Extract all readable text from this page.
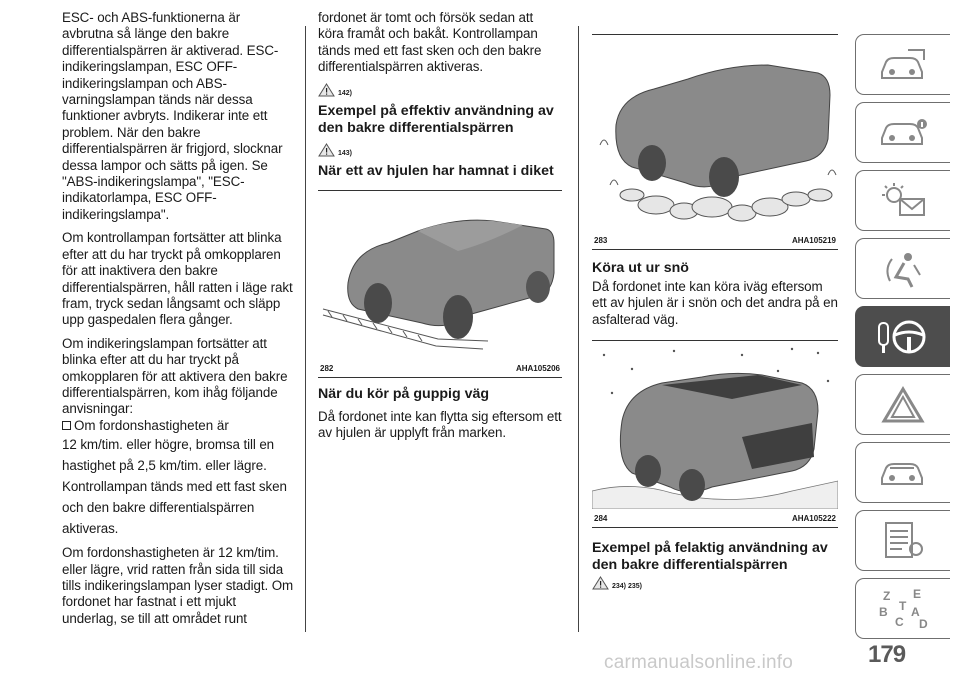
ESC- och ABS-funktionerna är avbrutna så länge den bakre differentialspärren är aktiverad. ESC-indikeringslampan, ESC OFF-indikeringslampan och ABS-varningslampan tänds när dessa funktioner avbryts. Indikerar inte ett problem. När den bakre differentialspärren är frigjord, slocknar dessa lampor och sätts på igen. Se "ABS-indikeringslampa", "ESC-indikatorlampa, ESC OFF-indikeringslampa".

Om kontrollampan fortsätter att blinka efter att du har tryckt på omkopplaren för att inaktivera den bakre differentialspärren, håll ratten i läge rakt fram, tryck sedan långsamt och släpp upp gaspedalen flera gånger.

Om indikeringslampan fortsätter att blinka efter att du har tryckt på omkopplaren för att aktivera den bakre differentialspärren, kom ihåg följande anvisningar:

Om fordonshastigheten är

12 km/tim. eller högre, bromsa till en hastighet på 2,5 km/tim. eller lägre. Kontrollampan tänds med ett fast sken och den bakre differentialspärren aktiveras.

Om fordonshastigheten är 12 km/tim. eller lägre, vrid ratten från sida till sida tills indikeringslampan lyser stadigt. Om fordonet har fastnat i ett mjukt underlag, se till att området runt

fordonet är tomt och försök sedan att köra framåt och bakåt. Kontrollampan tänds med ett fast sken och den bakre differentialspärren aktiveras.

142)
Exempel på effektiv användning av den bakre differentialspärren
143)
När ett av hjulen har hamnat i diket
282	AHA105206
När du kör på guppig väg

Då fordonet inte kan flytta sig eftersom ett av hjulen är upplyft från marken.

283	AHA105219
Köra ut ur snö

Då fordonet inte kan köra iväg eftersom ett av hjulen är i snön och det andra på en asfalterad väg.

284	AHA105222
Exempel på felaktig användning av den bakre differentialspärren
234) 235)
Z E
B
C
A
D
T
179
carmanualsonline.info
